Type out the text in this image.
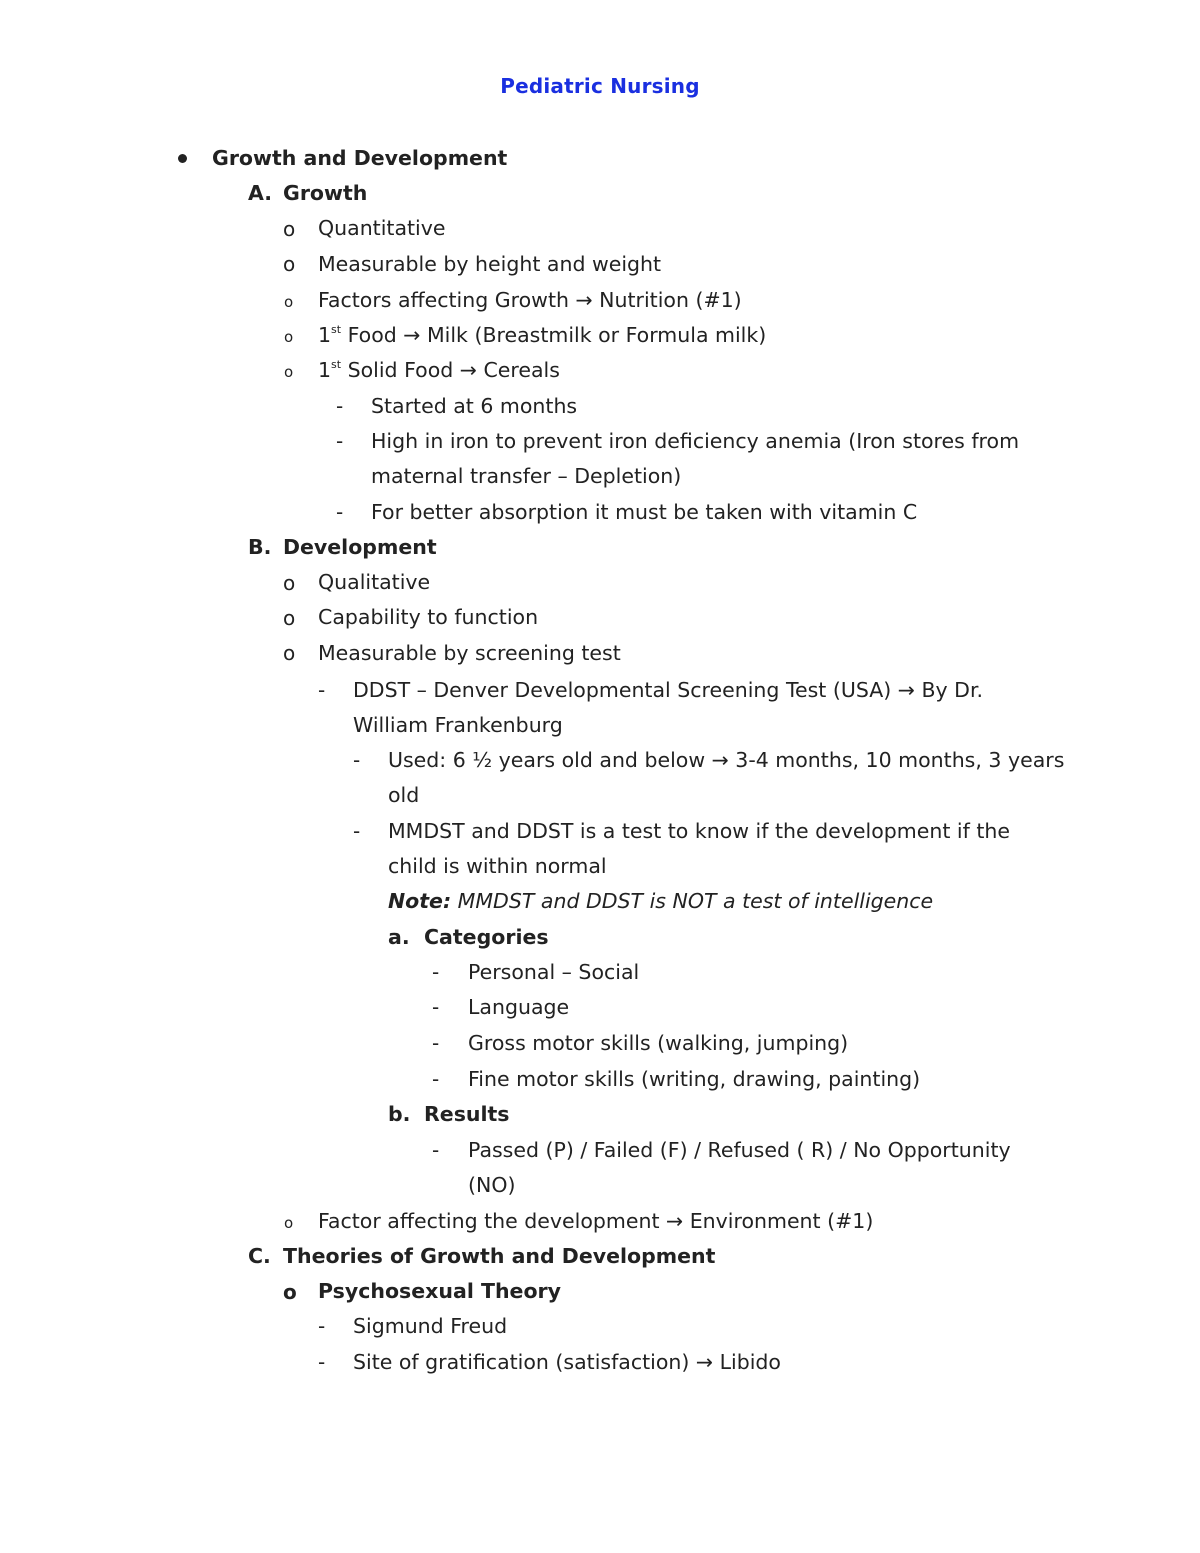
Pediatric Nursing
Growth and Development
A. Growth
o Quantitative
o Measurable by height and weight
o Factors affecting Growth → Nutrition (#1)
o 1st Food → Milk (Breastmilk or Formula milk)
o 1st Solid Food → Cereals
- Started at 6 months
- High in iron to prevent iron deficiency anemia (Iron stores from
maternal transfer – Depletion)
- For better absorption it must be taken with vitamin C
B. Development
o Qualitative
o Capability to function
o Measurable by screening test
- DDST – Denver Developmental Screening Test (USA) → By Dr.
William Frankenburg
- Used: 6 ½ years old and below → 3-4 months, 10 months, 3 years
old
- MMDST and DDST is a test to know if the development if the
child is within normal
Note: MMDST and DDST is NOT a test of intelligence
a. Categories
- Personal – Social
- Language
- Gross motor skills (walking, jumping)
- Fine motor skills (writing, drawing, painting)
b. Results
- Passed (P) / Failed (F) / Refused ( R) / No Opportunity
(NO)
o Factor affecting the development → Environment (#1)
C. Theories of Growth and Development
o Psychosexual Theory
- Sigmund Freud
- Site of gratification (satisfaction) → Libido
